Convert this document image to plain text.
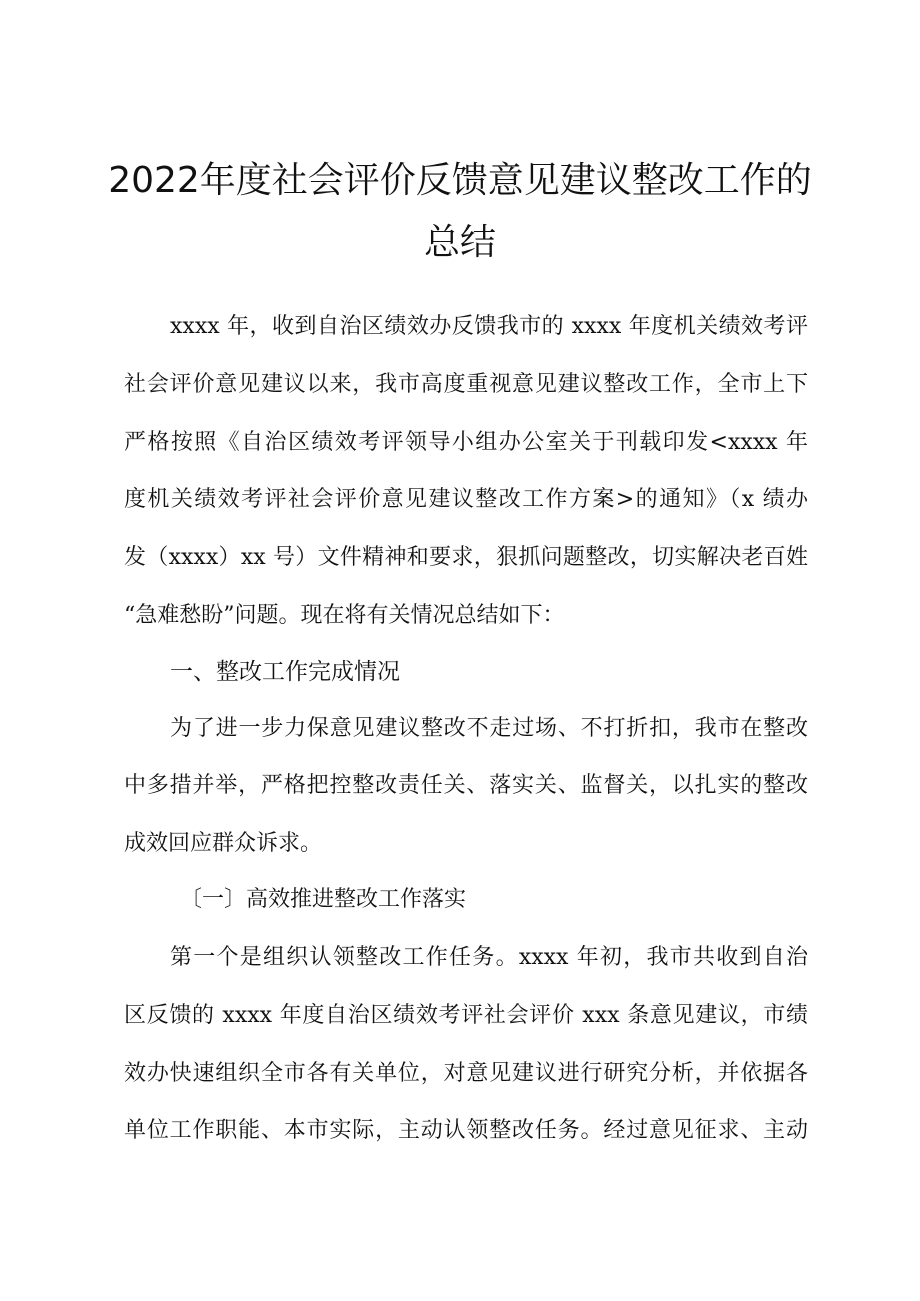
2022年度社会评价反馈意见建议整改工作的
总结
xxxx 年，收到自治区绩效办反馈我市的 xxxx 年度机关绩效考评
社会评价意见建议以来，我市高度重视意见建议整改工作，全市上下
严格按照《自治区绩效考评领导小组办公室关于刊载印发<xxxx 年
度机关绩效考评社会评价意见建议整改工作方案>的通知》（x 绩办
发（xxxx）xx 号）文件精神和要求，狠抓问题整改，切实解决老百姓
“急难愁盼”问题。现在将有关情况总结如下：
一、整改工作完成情况
为了进一步力保意见建议整改不走过场、不打折扣，我市在整改
中多措并举，严格把控整改责任关、落实关、监督关，以扎实的整改
成效回应群众诉求。
〔一〕高效推进整改工作落实
第一个是组织认领整改工作任务。xxxx 年初，我市共收到自治
区反馈的 xxxx 年度自治区绩效考评社会评价 xxx 条意见建议，市绩
效办快速组织全市各有关单位，对意见建议进行研究分析，并依据各
单位工作职能、本市实际，主动认领整改任务。经过意见征求、主动
